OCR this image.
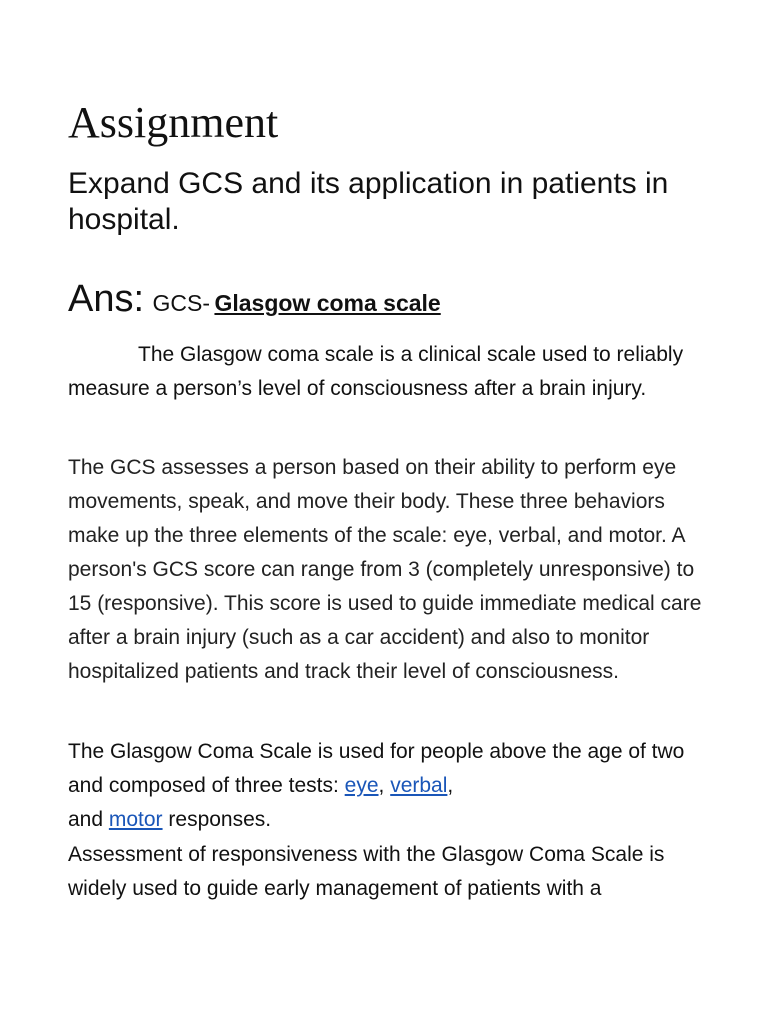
Assignment
Expand GCS and its application in patients in hospital.
Ans: GCS- Glasgow coma scale

The Glasgow coma scale is a clinical scale used to reliably measure a person’s level of consciousness after a brain injury.

The GCS assesses a person based on their ability to perform eye movements, speak, and move their body. These three behaviors make up the three elements of the scale: eye, verbal, and motor. A person's GCS score can range from 3 (completely unresponsive) to 15 (responsive). This score is used to guide immediate medical care after a brain injury (such as a car accident) and also to monitor hospitalized patients and track their level of consciousness.

The Glasgow Coma Scale is used for people above the age of two and composed of three tests: eye, verbal,
and motor responses.

Assessment of responsiveness with the Glasgow Coma Scale is widely used to guide early management of patients with a
